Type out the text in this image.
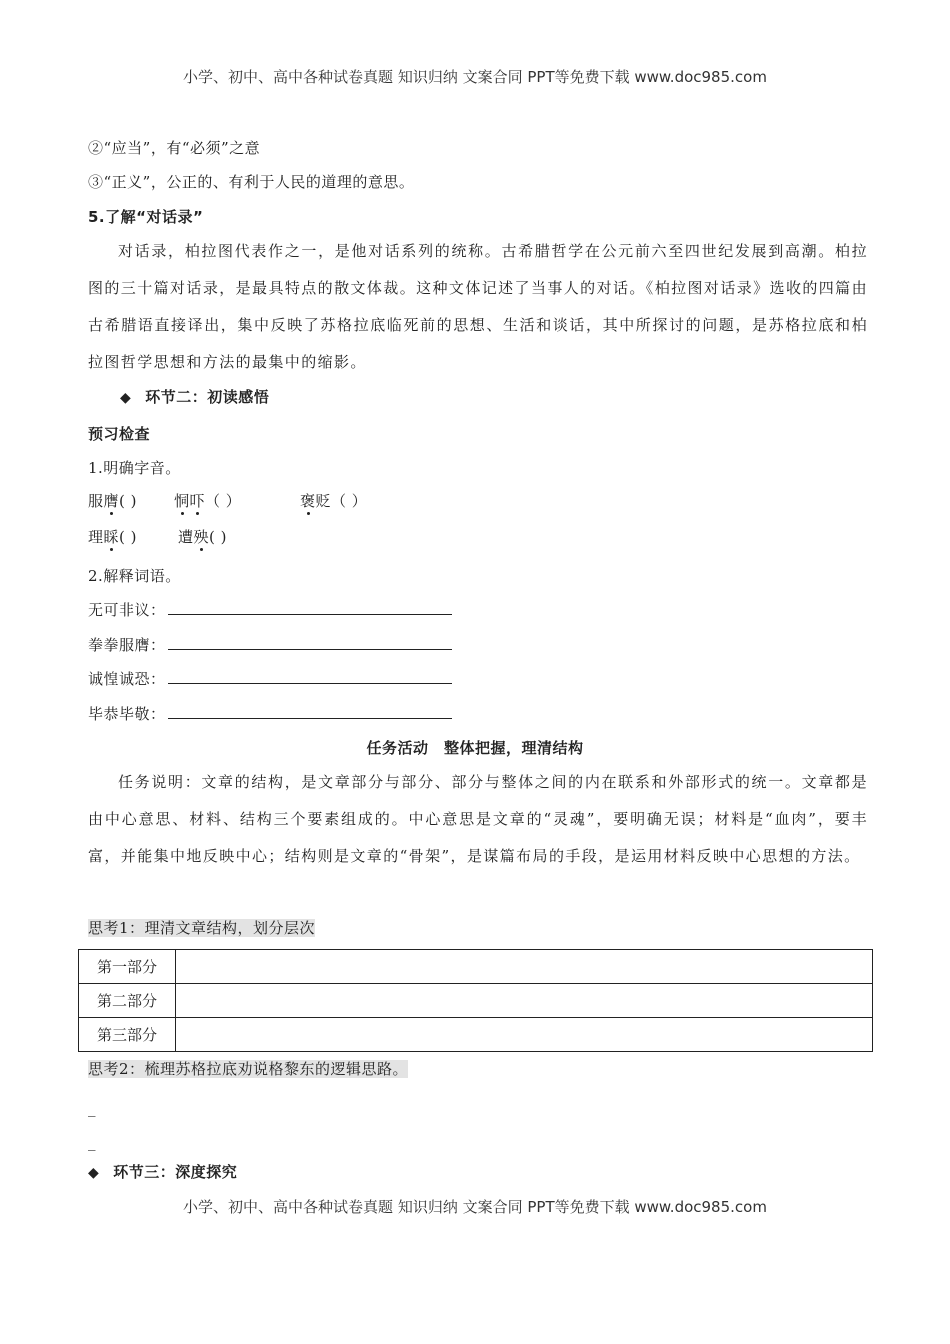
小学、初中、高中各种试卷真题 知识归纳 文案合同 PPT等免费下载 www.doc985.com
②“应当”，有“必须”之意
③“正义”，公正的、有利于人民的道理的意思。
5.了解“对话录”
对话录，柏拉图代表作之一，是他对话系列的统称。古希腊哲学在公元前六至四世纪发展到高潮。柏拉图的三十篇对话录，是最具特点的散文体裁。这种文体记述了当事人的对话。《柏拉图对话录》选收的四篇由古希腊语直接译出，集中反映了苏格拉底临死前的思想、生活和谈话，其中所探讨的问题，是苏格拉底和柏拉图哲学思想和方法的最集中的缩影。
◆ 环节二：初读感悟
预习检查
1.明确字音。
服膺( ) 恫吓（ ）	褒贬（ ）
理睬( )	遭殃( )
2.解释词语。
无可非议：
拳拳服膺：
诚惶诚恐：
毕恭毕敬：
任务活动　整体把握，理清结构
任务说明：文章的结构，是文章部分与部分、部分与整体之间的内在联系和外部形式的统一。文章都是由中心意思、材料、结构三个要素组成的。中心意思是文章的“灵魂”，要明确无误；材料是“血肉”，要丰富，并能集中地反映中心；结构则是文章的“骨架”，是谋篇布局的手段，是运用材料反映中心思想的方法。
思考1：理清文章结构，划分层次
第一部分	
第二部分	
第三部分	
思考2：梳理苏格拉底劝说格黎东的逻辑思路。
_
_
◆ 环节三：深度探究
小学、初中、高中各种试卷真题 知识归纳 文案合同 PPT等免费下载 www.doc985.com
